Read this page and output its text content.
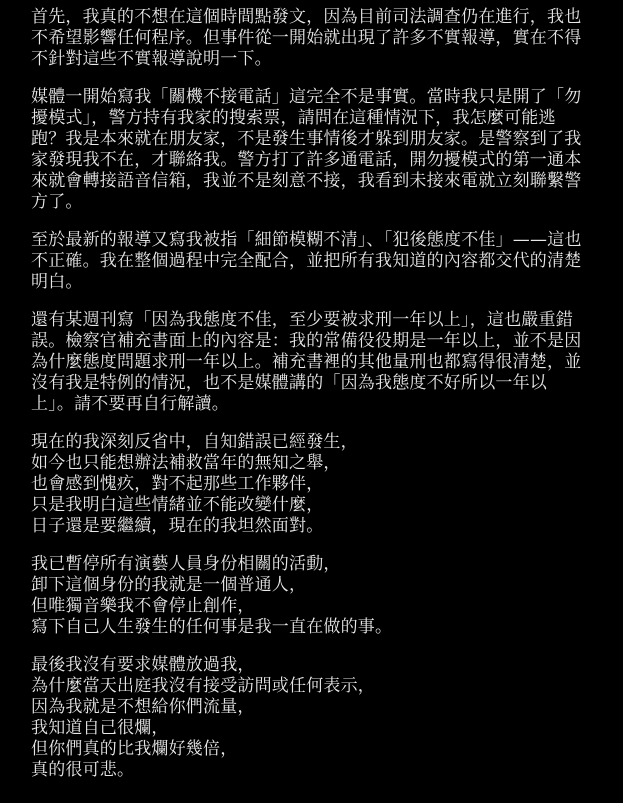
首先，我真的不想在這個時間點發文，因為目前司法調查仍在進行，我也
不希望影響任何程序。但事件從一開始就出現了許多不實報導，實在不得
不針對這些不實報導說明一下。

媒體一開始寫我「關機不接電話」這完全不是事實。當時我只是開了「勿
擾模式」，警方持有我家的搜索票，請問在這種情況下，我怎麼可能逃
跑？我是本來就在朋友家，不是發生事情後才躲到朋友家。是警察到了我
家發現我不在，才聯絡我。警方打了許多通電話，開勿擾模式的第一通本
來就會轉接語音信箱，我並不是刻意不接，我看到未接來電就立刻聯繫警
方了。

至於最新的報導又寫我被指「細節模糊不清」、「犯後態度不佳」——這也
不正確。我在整個過程中完全配合，並把所有我知道的內容都交代的清楚
明白。

還有某週刊寫「因為我態度不佳，至少要被求刑一年以上」，這也嚴重錯
誤。檢察官補充書面上的內容是：我的常備役役期是一年以上，並不是因
為什麼態度問題求刑一年以上。補充書裡的其他量刑也都寫得很清楚，並
沒有我是特例的情況，也不是媒體講的「因為我態度不好所以一年以
上」。請不要再自行解讀。

現在的我深刻反省中，自知錯誤已經發生，
如今也只能想辦法補救當年的無知之舉，
也會感到愧疚，對不起那些工作夥伴，
只是我明白這些情緒並不能改變什麼，
日子還是要繼續，現在的我坦然面對。

我已暫停所有演藝人員身份相關的活動，
卸下這個身份的我就是一個普通人，
但唯獨音樂我不會停止創作，
寫下自己人生發生的任何事是我一直在做的事。

最後我沒有要求媒體放過我，
為什麼當天出庭我沒有接受訪問或任何表示，
因為我就是不想給你們流量，
我知道自己很爛，
但你們真的比我爛好幾倍，
真的很可悲。
